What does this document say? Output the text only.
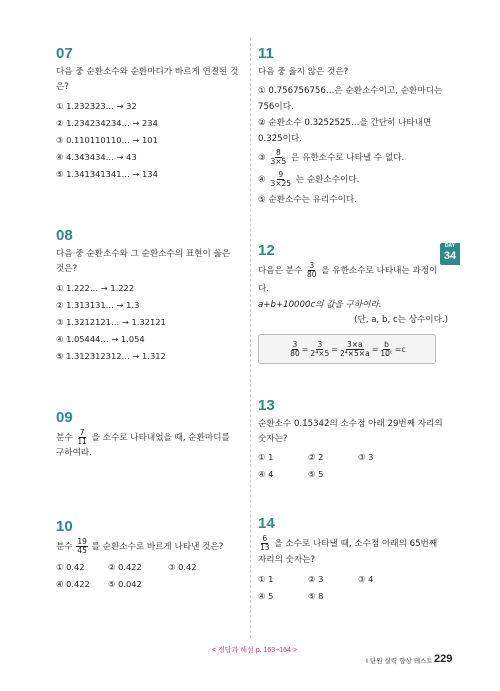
07
다음 중 순환소수와 순환마디가 바르게 연결된 것은?
① 1.232323… → 32
② 1.234234234… → 234
③ 0.110110110… → 101
④ 4.343434… → 43
⑤ 1.341341341… → 134
08
다음 중 순환소수와 그 순환소수의 표현이 옳은 것은?
① 1.222… → 1.2̇2̇2̇
② 1.313131… → 1.3̇
③ 1.3212121… → 1.321̇21̇
④ 1.05444… → 1.054̇
⑤ 1.312312312… → 1.3̇12̇
09
분수 $\frac{7}{11}$ 을 소수로 나타내었을 때, 순환마디를 구하여라.
10
분수 $\frac{19}{45}$ 를 순환소수로 바르게 나타낸 것은?
① 0.4̇2̇	② 0.42̇2̇	③ 0.42̇
④ 0.42̇2	⑤ 0.04̇2̇
11
다음 중 옳지 않은 것은?
① 0.756756756…은 순환소수이고, 순환마디는 756이다.
② 순환소수 0.3252525…을 간단히 나타내면 0.32̇5̇이다.
③ $\frac{8}{3\times 5}$ 은 유한소수로 나타낼 수 없다.
④ $\frac{9}{3\times 25}$ 는 순환소수이다.
⑤ 순환소수는 유리수이다.
12
다음은 분수 $\frac{3}{80}$ 을 유한소수로 나타내는 과정이다.
a+b+10000c의 값을 구하여라.
(단, a, b, c는 상수이다.)
$\frac{3}{80} = \frac{3}{\text{2⁴×5}} = \frac{3\times a}{\text{2⁴×5×a}} = \frac{b}{\text{10ᶜ}} =c$
13
순환소수 0.1̇5342̇의 소수점 아래 29번째 자리의 숫자는?
① 1	② 2	③ 3
④ 4	⑤ 5
14
$\frac{6}{13}$ 을 소수로 나타낼 때, 소수점 아래의 65번째 자리의 숫자는?
① 1	② 3	③ 4
④ 5	⑤ 8
DAY
34
< 정답과 해설 p. 163~164 >
I 단원 실력 향상 테스트 229
